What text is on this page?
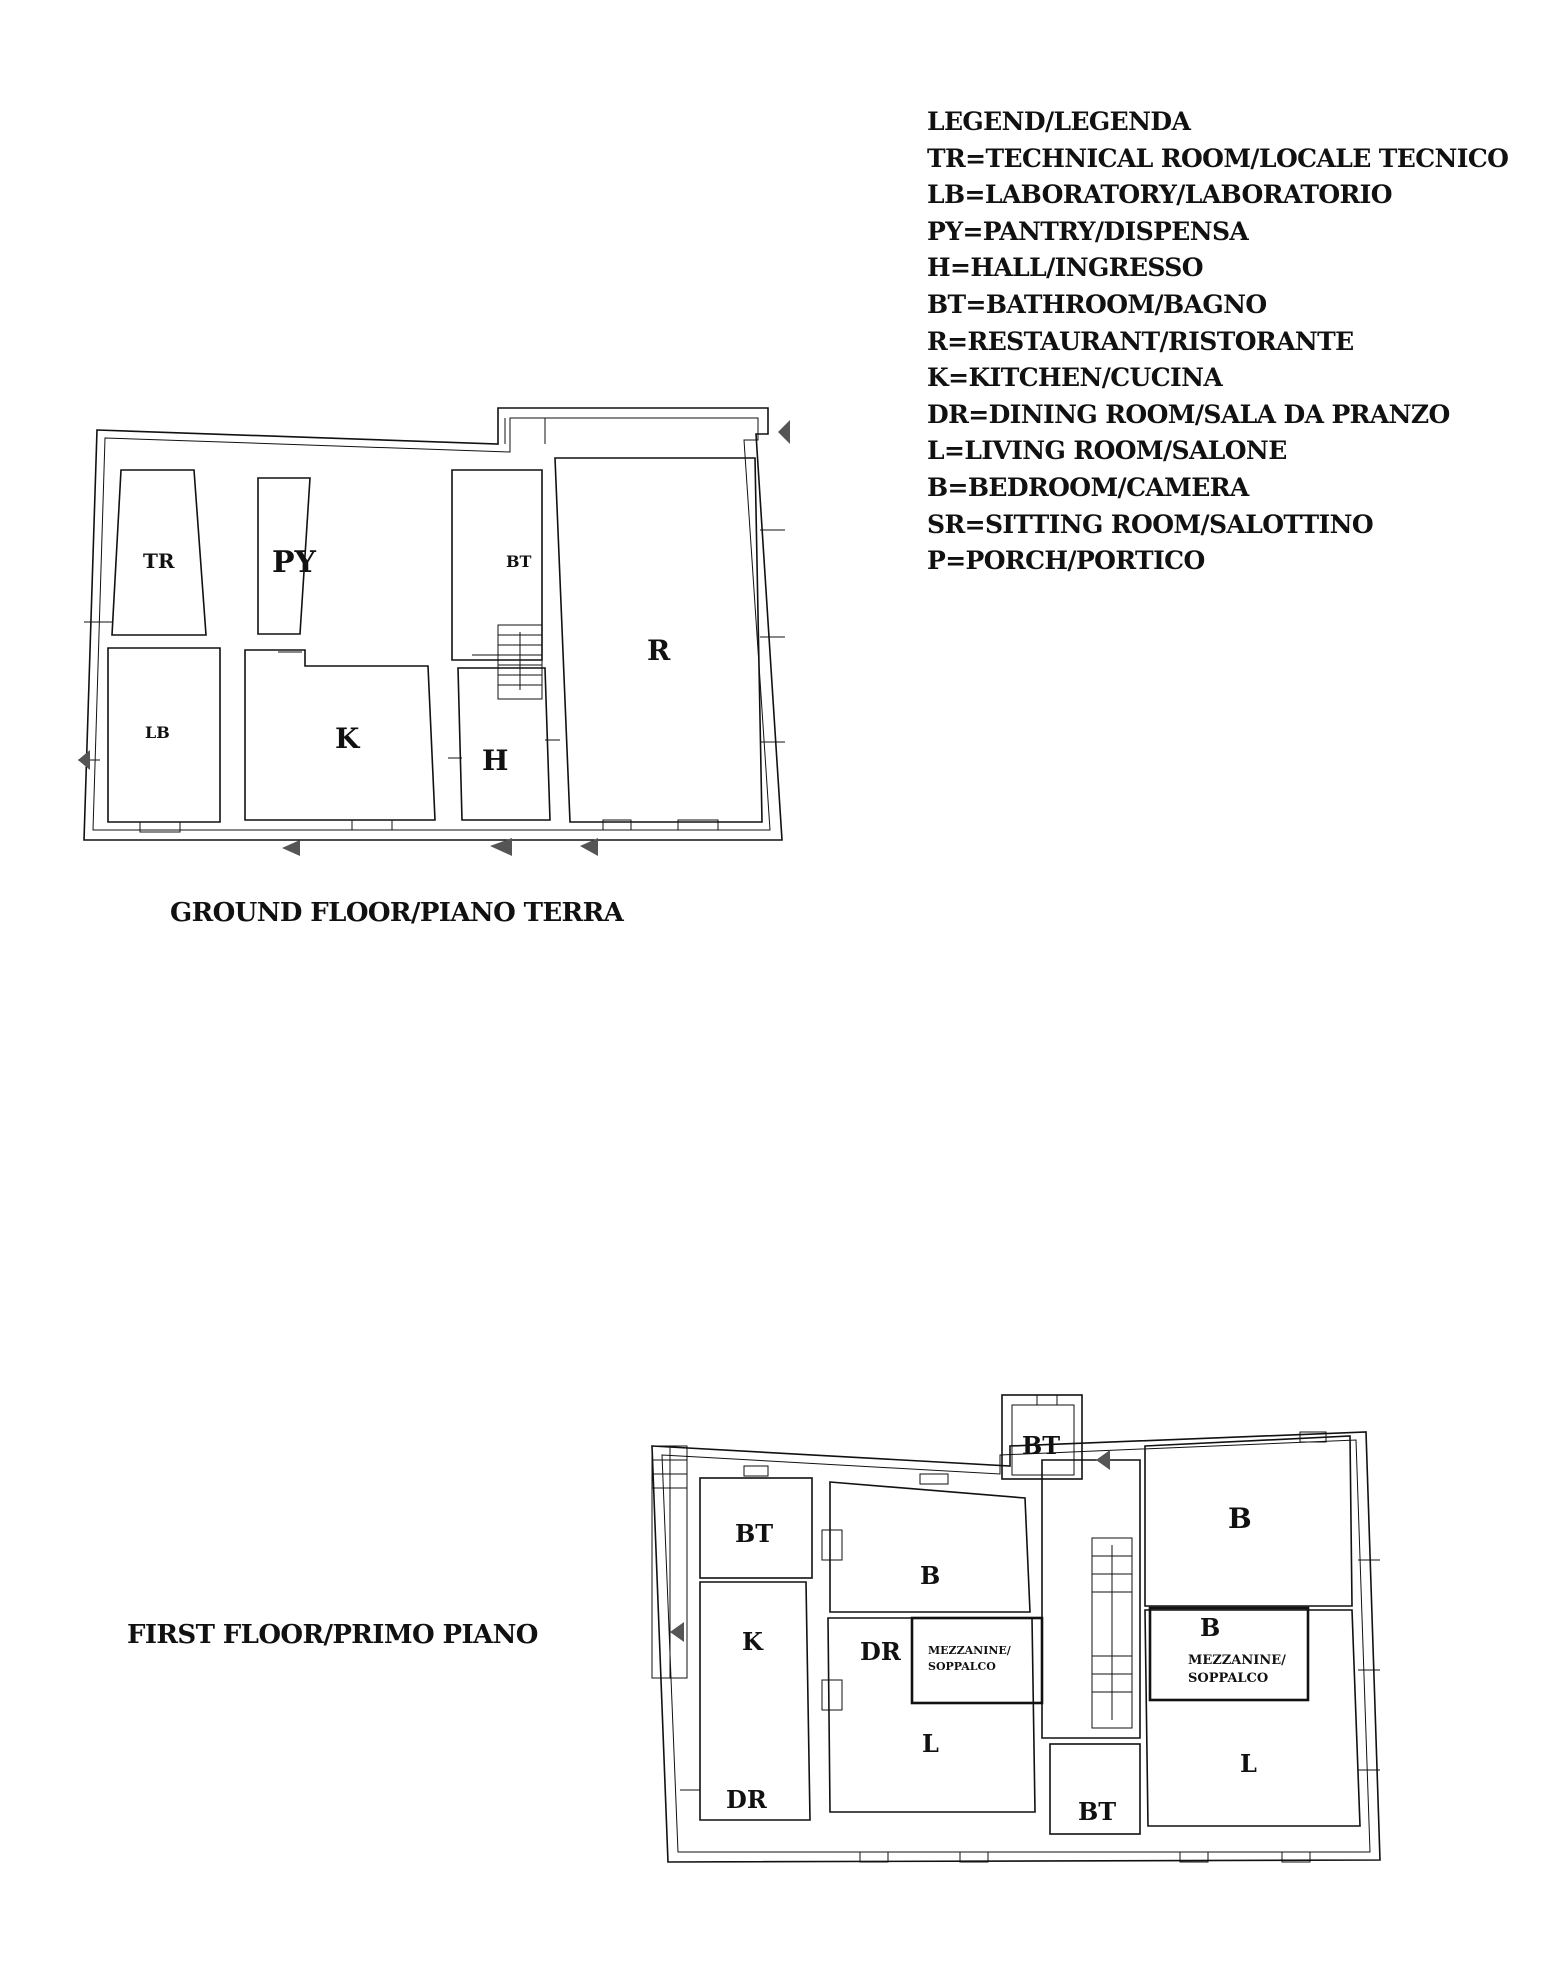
LEGEND/LEGENDA
TR=TECHNICAL ROOM/LOCALE TECNICO
LB=LABORATORY/LABORATORIO
PY=PANTRY/DISPENSA
H=HALL/INGRESSO
BT=BATHROOM/BAGNO
R=RESTAURANT/RISTORANTE
K=KITCHEN/CUCINA
DR=DINING ROOM/SALA DA PRANZO
L=LIVING ROOM/SALONE
B=BEDROOM/CAMERA
SR=SITTING ROOM/SALOTTINO
P=PORCH/PORTICO
TR	PY	BT
R
LB	K
H
GROUND FLOOR/PIANO TERRA
BT
BT
B
B
K	DR
B
MEZZANINE/
SOPPALCO	MEZZANINE/
SOPPALCO
L
L
DR	BT
FIRST FLOOR/PRIMO PIANO
